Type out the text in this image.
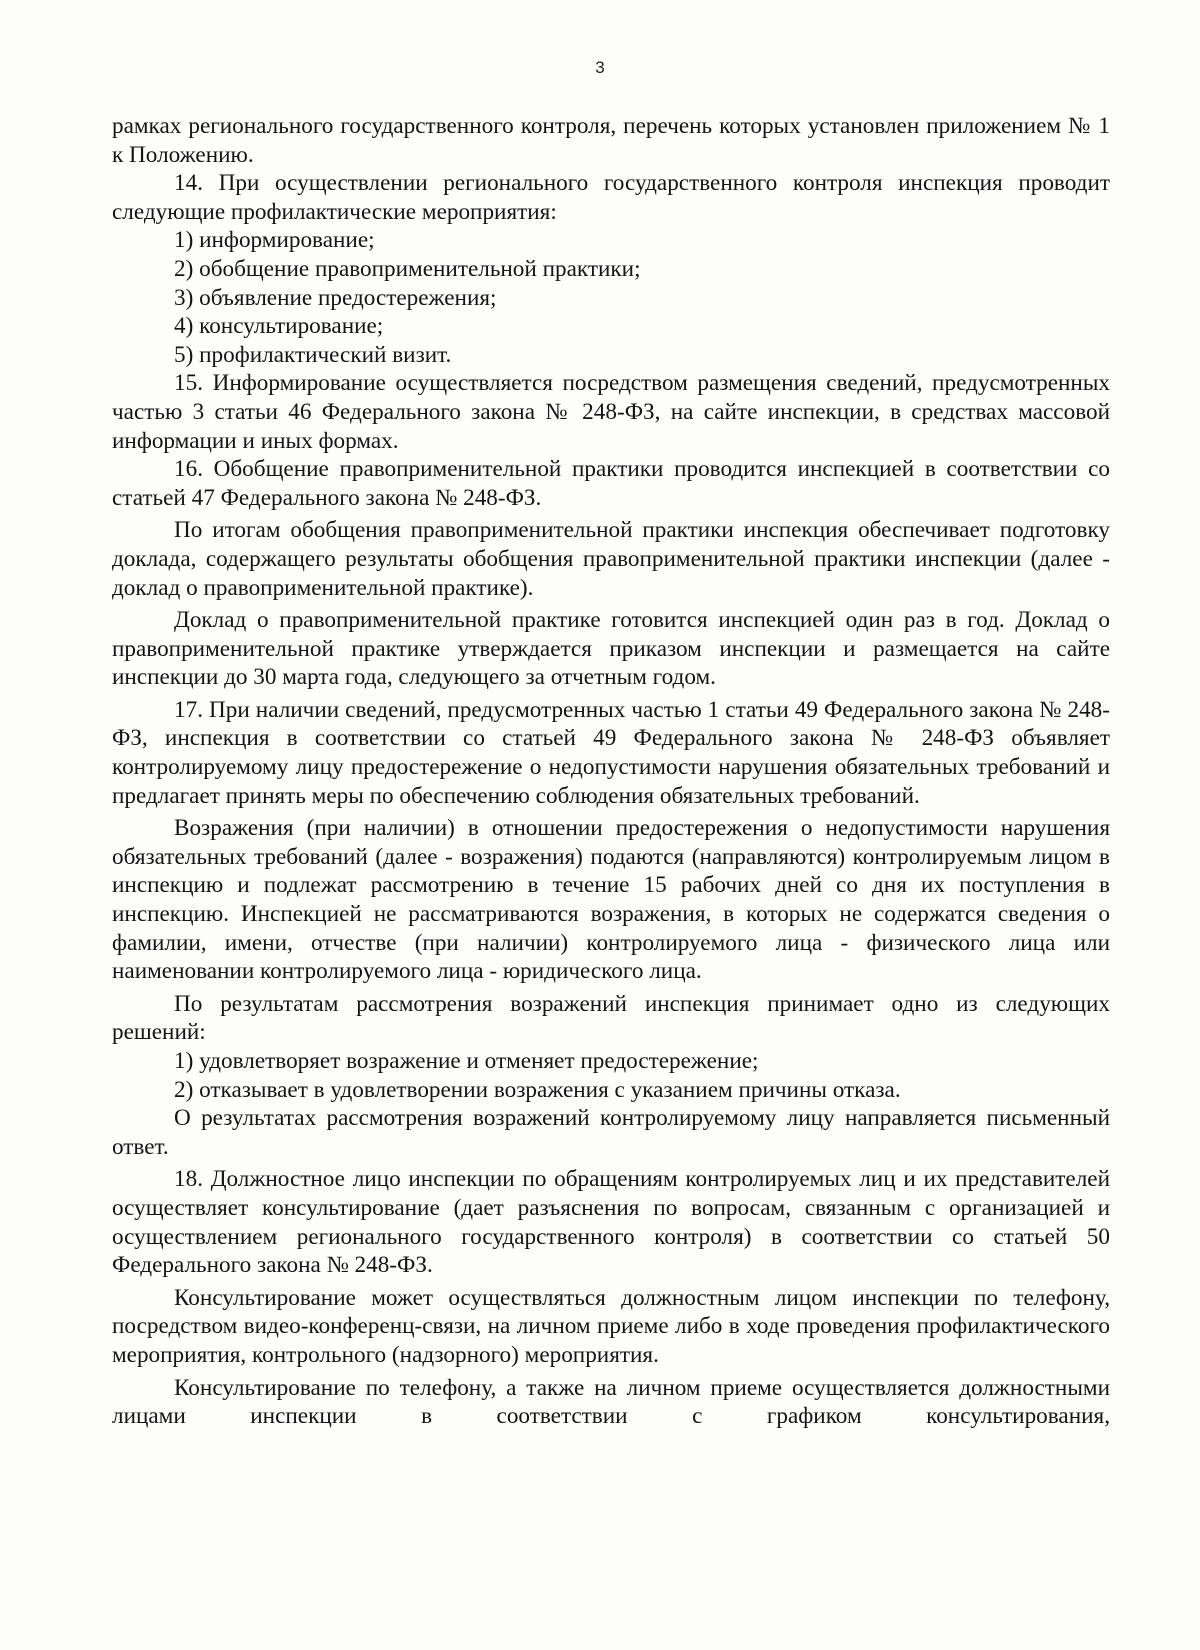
3

рамках регионального государственного контроля, перечень которых установлен приложением № 1 к Положению.

14. При осуществлении регионального государственного контроля инспекция проводит следующие профилактические мероприятия:

1) информирование;

2) обобщение правоприменительной практики;

3) объявление предостережения;

4) консультирование;

5) профилактический визит.

15. Информирование осуществляется посредством размещения сведений, предусмотренных частью 3 статьи 46 Федерального закона № 248-ФЗ, на сайте инспекции, в средствах массовой информации и иных формах.

16. Обобщение правоприменительной практики проводится инспекцией в соответствии со статьей 47 Федерального закона № 248-ФЗ.

По итогам обобщения правоприменительной практики инспекция обеспечивает подготовку доклада, содержащего результаты обобщения правоприменительной практики инспекции (далее - доклад о правоприменительной практике).

Доклад о правоприменительной практике готовится инспекцией один раз в год. Доклад о правоприменительной практике утверждается приказом инспекции и размещается на сайте инспекции до 30 марта года, следующего за отчетным годом.

17. При наличии сведений, предусмотренных частью 1 статьи 49 Федерального закона № 248-ФЗ, инспекция в соответствии со статьей 49 Федерального закона № 248-ФЗ объявляет контролируемому лицу предостережение о недопустимости нарушения обязательных требований и предлагает принять меры по обеспечению соблюдения обязательных требований.

Возражения (при наличии) в отношении предостережения о недопустимости нарушения обязательных требований (далее - возражения) подаются (направляются) контролируемым лицом в инспекцию и подлежат рассмотрению в течение 15 рабочих дней со дня их поступления в инспекцию. Инспекцией не рассматриваются возражения, в которых не содержатся сведения о фамилии, имени, отчестве (при наличии) контролируемого лица - физического лица или наименовании контролируемого лица - юридического лица.

По результатам рассмотрения возражений инспекция принимает одно из следующих решений:

1) удовлетворяет возражение и отменяет предостережение;

2) отказывает в удовлетворении возражения с указанием причины отказа.

О результатах рассмотрения возражений контролируемому лицу направляется письменный ответ.

18. Должностное лицо инспекции по обращениям контролируемых лиц и их представителей осуществляет консультирование (дает разъяснения по вопросам, связанным с организацией и осуществлением регионального государственного контроля) в соответствии со статьей 50 Федерального закона № 248-ФЗ.

Консультирование может осуществляться должностным лицом инспекции по телефону, посредством видео-конференц-связи, на личном приеме либо в ходе проведения профилактического мероприятия, контрольного (надзорного) мероприятия.

Консультирование по телефону, а также на личном приеме осуществляется должностными лицами инспекции в соответствии с графиком консультирования,
